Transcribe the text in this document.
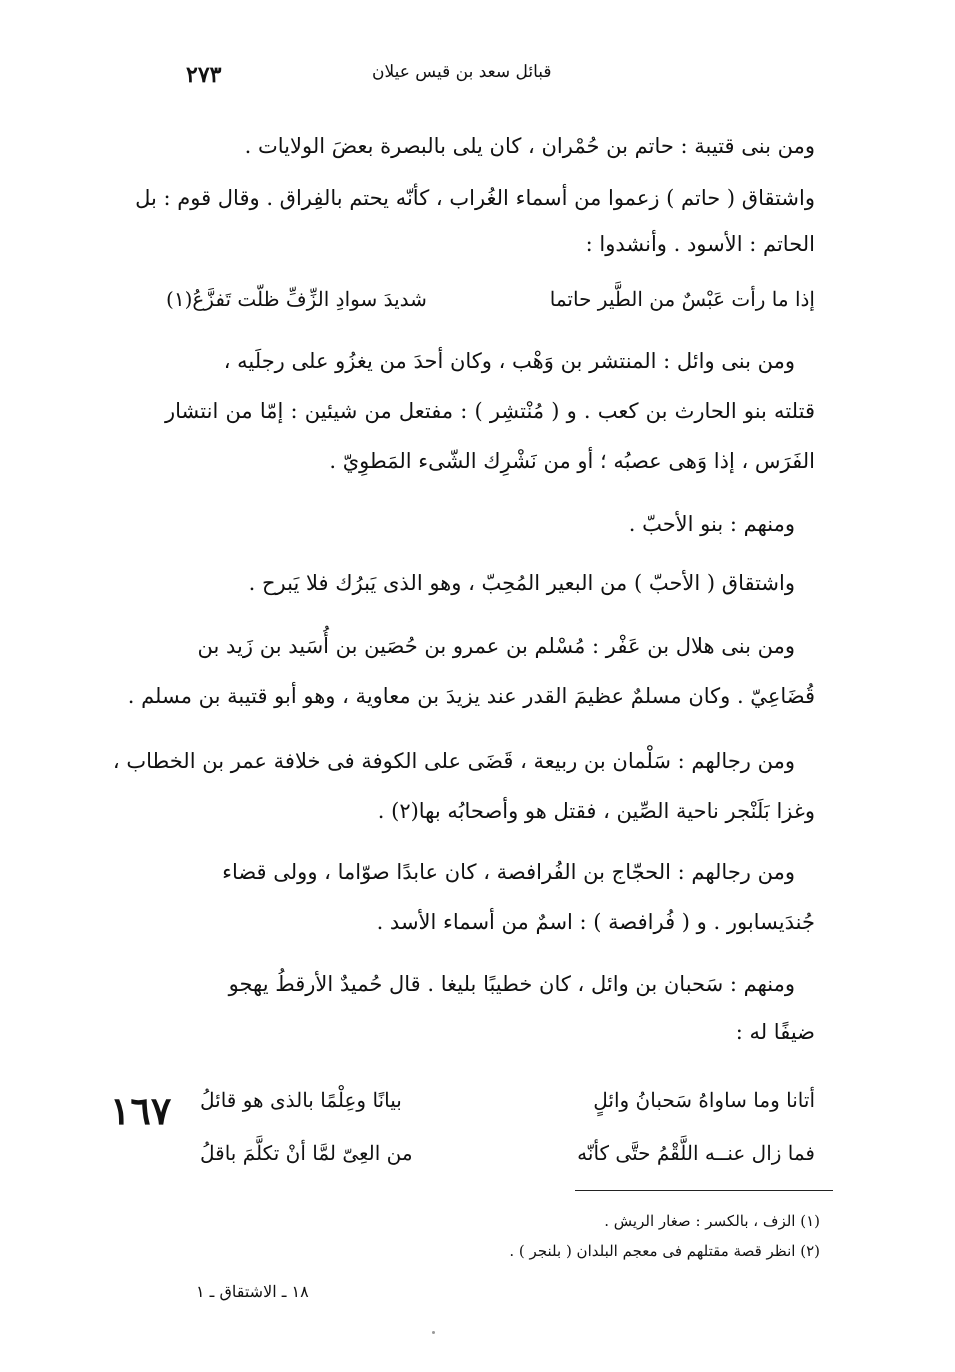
٢٧٣	قبائل سعد بن قيس عيلان
ومن بنى قتيبة : حاتم بن حُمْران ، كان يلى بالبصرة بعضَ الولايات .
واشتقاق ( حاتم ) زعموا من أسماء الغُراب ، كأنّه يحتم بالفِراق . وقال قوم : بل
الحاتم : الأسود . وأنشدوا :
إذا ما رأت عَبْسٌ من الطَّير حاتما
شديدَ سوادِ الزِّفِّ ظلّت تَفزَّعُ(١)
ومن بنى وائل : المنتشر بن وَهْب ، وكان أحدَ من يغزُو على رجلَيه ،
قتلته بنو الحارث بن كعب . و ( مُنْتشِر ) : مفتعل من شيئين : إمّا من انتشار
الفَرَس ، إذا وَهى عصبُه ؛ أو من نَشْرِك الشّىء المَطوِيّ .
ومنهم : بنو الأحبّ .
واشتقاق ( الأحبّ ) من البعير المُحِبّ ، وهو الذى يَبرُك فلا يَبرح .
ومن بنى هلال بن عَفْر : مُسْلم بن عمرو بن حُصَين بن أُسَيد بن زَيد بن
قُضَاعِيّ . وكان مسلمٌ عظيمَ القدر عند يزيدَ بن معاوية ، وهو أبو قتيبة بن مسلم .
ومن رجالهم : سَلْمان بن ربيعة ، قَضَى على الكوفة فى خلافة عمر بن الخطاب ،
وغزا بَلَنْجر ناحية الصِّين ، فقتل هو وأصحابُه بها(٢) .
ومن رجالهم : الحجّاج بن الفُرافصة ، كان عابدًا صوّاما ، وولى قضاء
جُندَيسابور . و ( فُرافصة ) : اسمٌ من أسماء الأسد .
ومنهم : سَحبان بن وائل ، كان خطيبًا بليغا . قال حُميدٌ الأرقطُ يهجو
ضيفًا له :
أتانا وما ساواهُ سَحبانُ وائلٍ
بيانًا وعِلْمًا بالذى هو قائلُ
فما زال عنــه اللَّقْمُ حتَّى كأنّه
من العِىّ لمَّا أنْ تكلَّمَ باقلُ
١٦٧
(١) الزف ، بالكسر : صغار الريش .
(٢) انظر قصة مقتلهم فى معجم البلدان ( بلنجر ) .
١٨ ـ الاشتقاق ـ ١
